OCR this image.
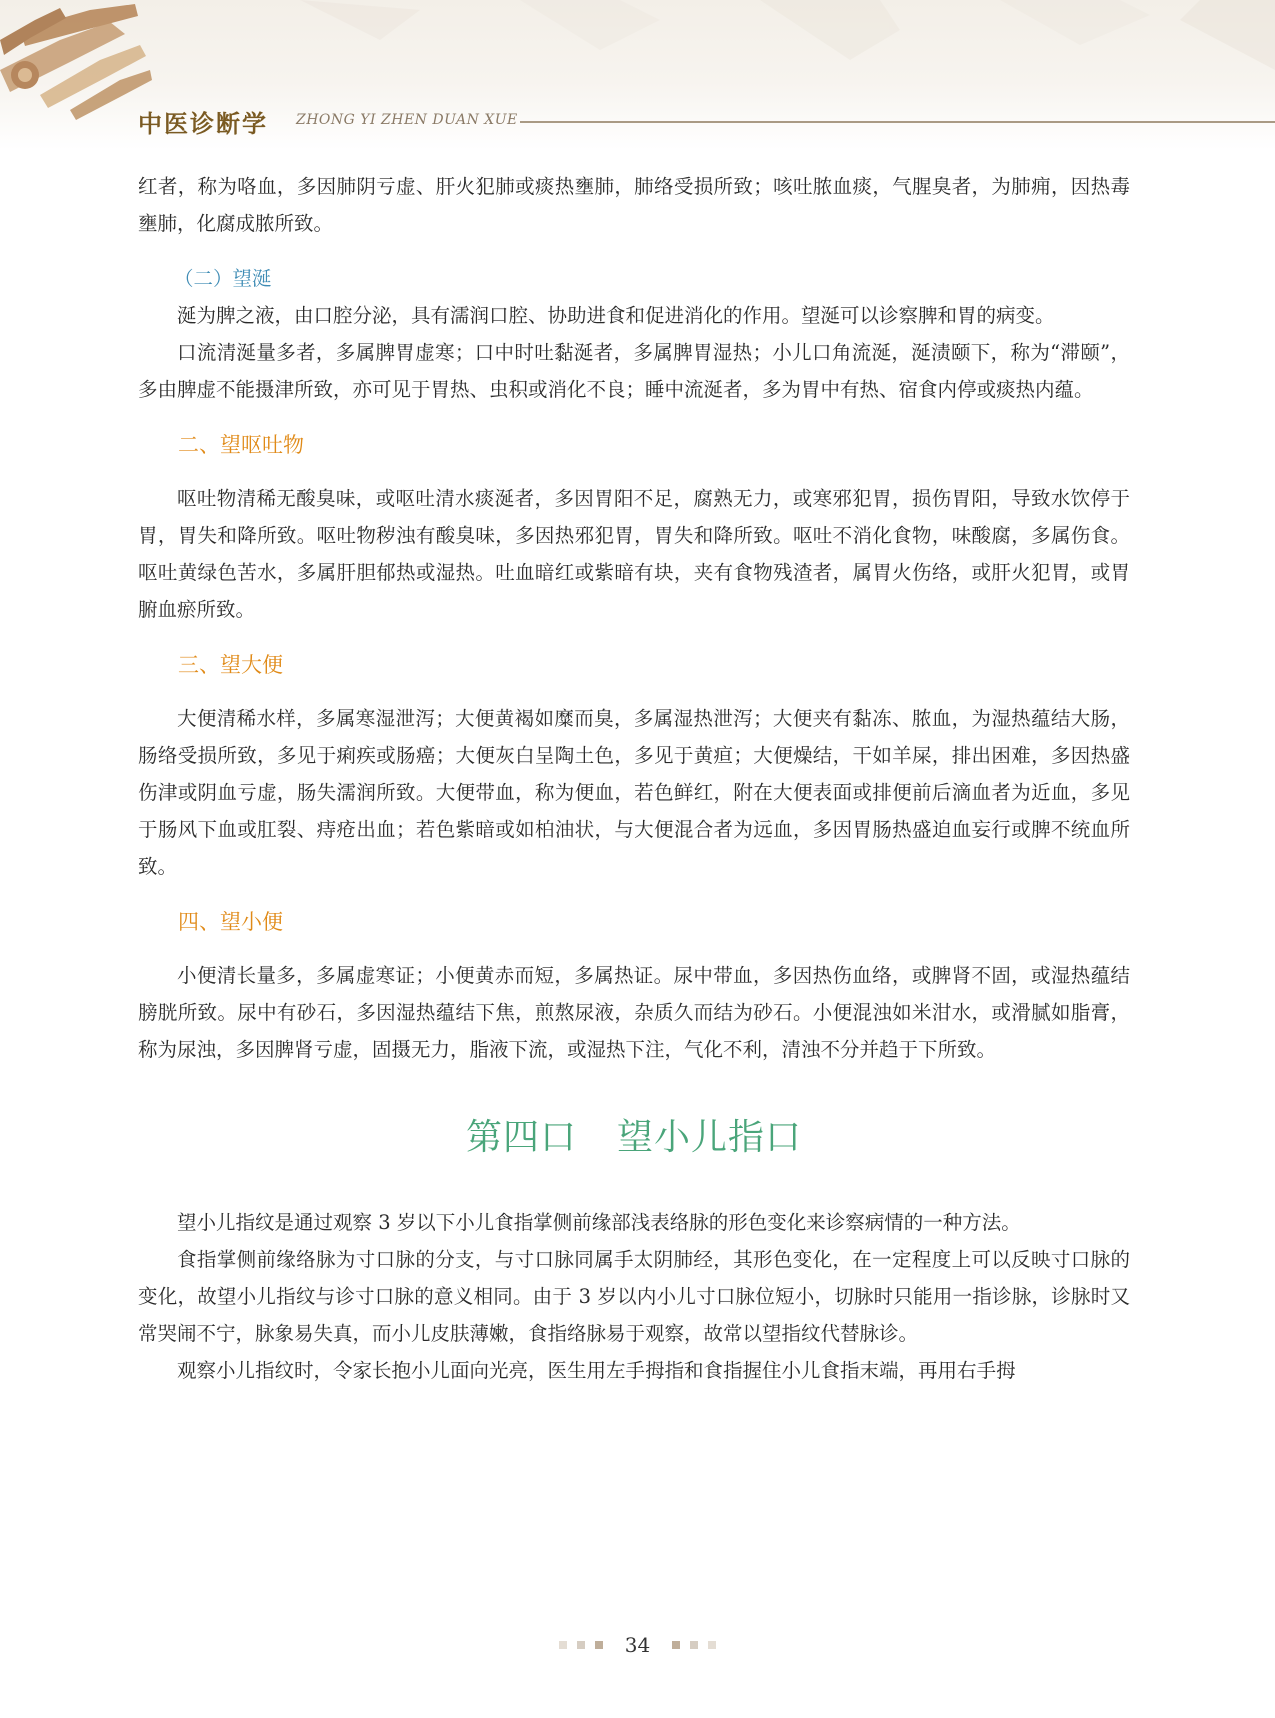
中医诊断学 ZHONG YI ZHEN DUAN XUE

红者，称为咯血，多因肺阴亏虚、肝火犯肺或痰热壅肺，肺络受损所致；咳吐脓血痰，气腥臭者，为肺痈，因热毒壅肺，化腐成脓所致。

（二）望涎

涎为脾之液，由口腔分泌，具有濡润口腔、协助进食和促进消化的作用。望涎可以诊察脾和胃的病变。

口流清涎量多者，多属脾胃虚寒；口中时吐黏涎者，多属脾胃湿热；小儿口角流涎，涎渍颐下，称为“滞颐”，多由脾虚不能摄津所致，亦可见于胃热、虫积或消化不良；睡中流涎者，多为胃中有热、宿食内停或痰热内蕴。

二、望呕吐物

呕吐物清稀无酸臭味，或呕吐清水痰涎者，多因胃阳不足，腐熟无力，或寒邪犯胃，损伤胃阳，导致水饮停于胃，胃失和降所致。呕吐物秽浊有酸臭味，多因热邪犯胃，胃失和降所致。呕吐不消化食物，味酸腐，多属伤食。呕吐黄绿色苦水，多属肝胆郁热或湿热。吐血暗红或紫暗有块，夹有食物残渣者，属胃火伤络，或肝火犯胃，或胃腑血瘀所致。

三、望大便

大便清稀水样，多属寒湿泄泻；大便黄褐如糜而臭，多属湿热泄泻；大便夹有黏冻、脓血，为湿热蕴结大肠，肠络受损所致，多见于痢疾或肠癌；大便灰白呈陶土色，多见于黄疸；大便燥结，干如羊屎，排出困难，多因热盛伤津或阴血亏虚，肠失濡润所致。大便带血，称为便血，若色鲜红，附在大便表面或排便前后滴血者为近血，多见于肠风下血或肛裂、痔疮出血；若色紫暗或如柏油状，与大便混合者为远血，多因胃肠热盛迫血妄行或脾不统血所致。

四、望小便

小便清长量多，多属虚寒证；小便黄赤而短，多属热证。尿中带血，多因热伤血络，或脾肾不固，或湿热蕴结膀胱所致。尿中有砂石，多因湿热蕴结下焦，煎熬尿液，杂质久而结为砂石。小便混浊如米泔水，或滑腻如脂膏，称为尿浊，多因脾肾亏虚，固摄无力，脂液下流，或湿热下注，气化不利，清浊不分并趋于下所致。

第四口 望小儿指口

望小儿指纹是通过观察 3 岁以下小儿食指掌侧前缘部浅表络脉的形色变化来诊察病情的一种方法。

食指掌侧前缘络脉为寸口脉的分支，与寸口脉同属手太阴肺经，其形色变化，在一定程度上可以反映寸口脉的变化，故望小儿指纹与诊寸口脉的意义相同。由于 3 岁以内小儿寸口脉位短小，切脉时只能用一指诊脉，诊脉时又常哭闹不宁，脉象易失真，而小儿皮肤薄嫩，食指络脉易于观察，故常以望指纹代替脉诊。

观察小儿指纹时，令家长抱小儿面向光亮，医生用左手拇指和食指握住小儿食指末端，再用右手拇

34
